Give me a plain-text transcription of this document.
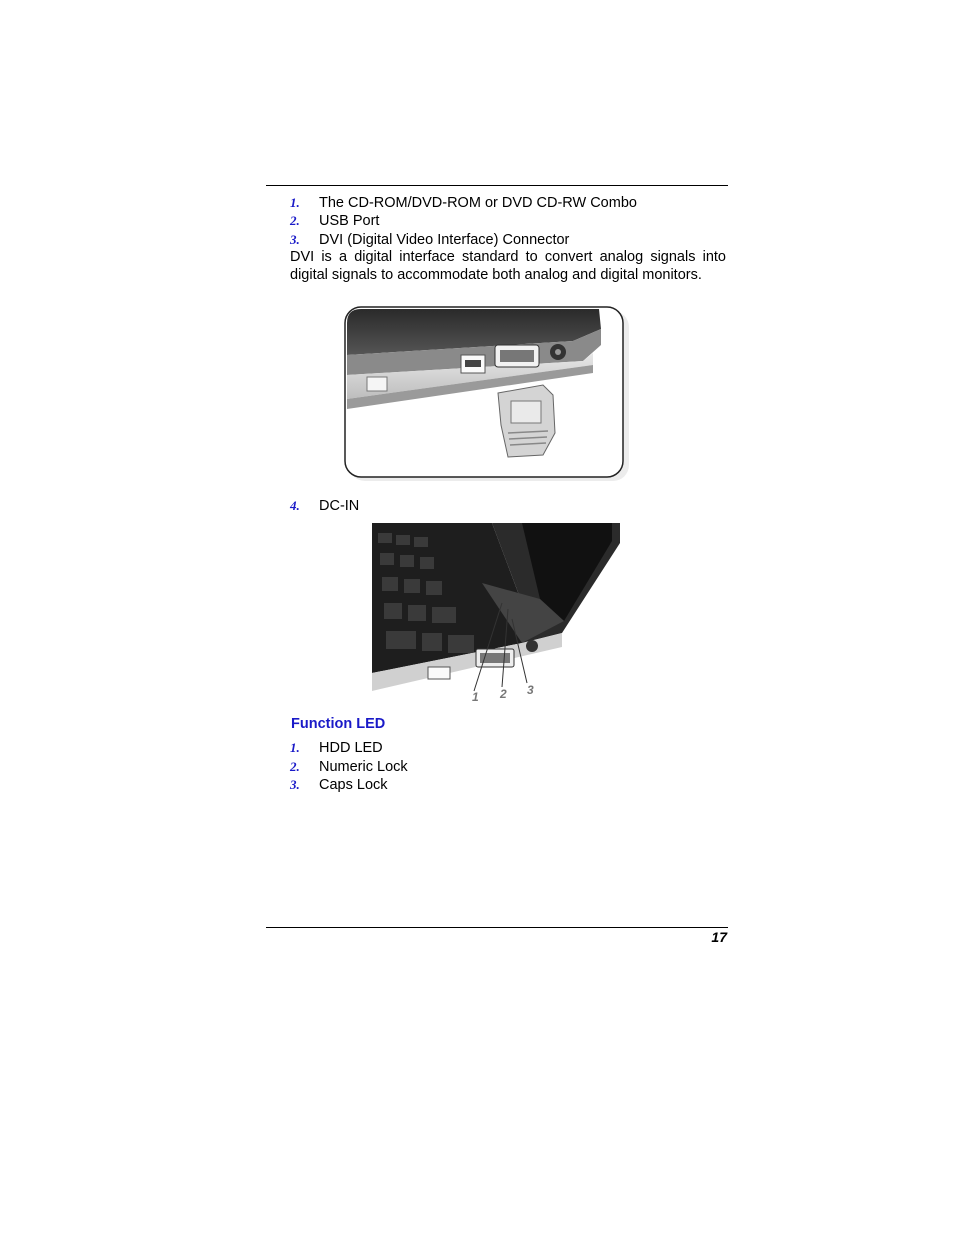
1.	The CD-ROM/DVD-ROM or DVD CD-RW Combo
2.	USB Port
3.	DVI (Digital Video Interface) Connector
DVI is a digital interface standard to convert analog signals into digital signals to accommodate both analog and digital monitors.
4.	DC-IN
1 2 3
Function LED
1.	HDD LED
2.	Numeric Lock
3.	Caps Lock
17
